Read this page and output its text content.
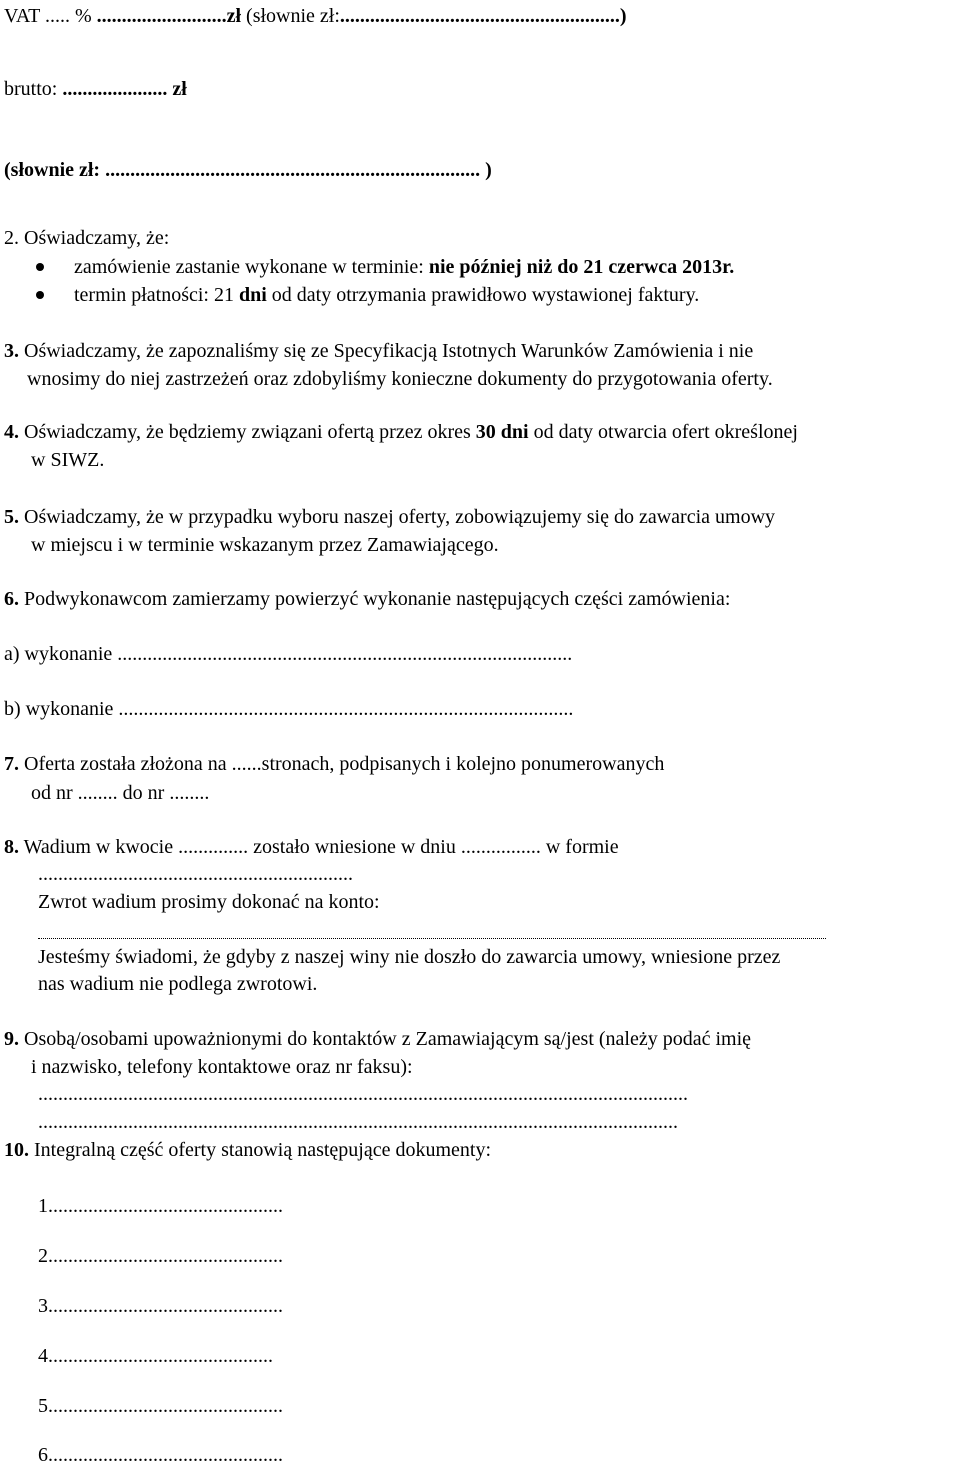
VAT ..... % ..........................zł (słownie zł:........................................................)
brutto: ..................... zł
(słownie zł: ........................................................................... )
2. Oświadczamy, że:
zamówienie zastanie wykonane w terminie: nie później niż do 21 czerwca 2013r.
termin płatności: 21 dni od daty otrzymania prawidłowo wystawionej faktury.
3. Oświadczamy, że zapoznaliśmy się ze Specyfikacją Istotnych Warunków Zamówienia i nie
wnosimy do niej zastrzeżeń oraz zdobyliśmy konieczne dokumenty do przygotowania oferty.
4. Oświadczamy, że będziemy związani ofertą przez okres 30 dni od daty otwarcia ofert określonej
w SIWZ.
5. Oświadczamy, że w przypadku wyboru naszej oferty, zobowiązujemy się do zawarcia umowy
w miejscu i w terminie wskazanym przez Zamawiającego.
6. Podwykonawcom zamierzamy powierzyć wykonanie następujących części zamówienia:
a) wykonanie ...........................................................................................
b) wykonanie ...........................................................................................
7. Oferta została złożona na ......stronach, podpisanych i kolejno ponumerowanych
od nr ........ do nr ........
8. Wadium w kwocie .............. zostało wniesione w dniu ................ w formie
...............................................................
Zwrot wadium prosimy dokonać na konto:
Jesteśmy świadomi, że gdyby z naszej winy nie doszło do zawarcia umowy, wniesione przez
nas wadium nie podlega zwrotowi.
9. Osobą/osobami upoważnionymi do kontaktów z Zamawiającym są/jest (należy podać imię
i nazwisko, telefony kontaktowe oraz nr faksu):
..................................................................................................................................
................................................................................................................................
10. Integralną część oferty stanowią następujące dokumenty:
1...............................................
2...............................................
3...............................................
4.............................................
5...............................................
6...............................................
